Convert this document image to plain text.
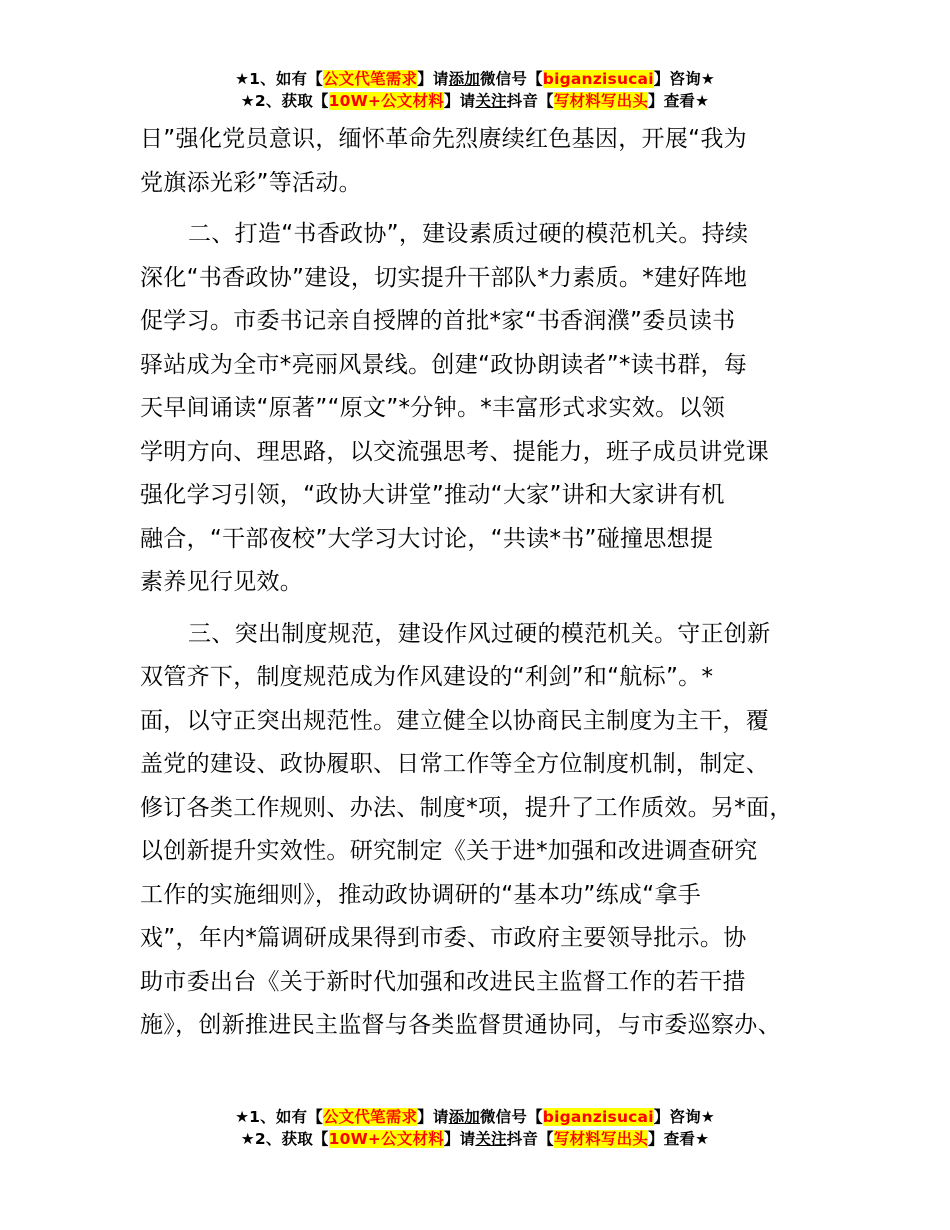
★1、如有【公文代笔需求】请添加微信号【biganzisucai】咨询★
★2、获取【10W+公文材料】请关注抖音【写材料写出头】查看★
日”强化党员意识，缅怀革命先烈赓续红色基因，开展“我为
党旗添光彩”等活动。
二、打造“书香政协”，建设素质过硬的模范机关。持续
深化“书香政协”建设，切实提升干部队*力素质。*建好阵地
促学习。市委书记亲自授牌的首批*家“书香润濮”委员读书
驿站成为全市*亮丽风景线。创建“政协朗读者”*读书群，每
天早间诵读“原著”“原文”*分钟。*丰富形式求实效。以领
学明方向、理思路，以交流强思考、提能力，班子成员讲党课
强化学习引领，“政协大讲堂”推动“大家”讲和大家讲有机
融合，“干部夜校”大学习大讨论，“共读*书”碰撞思想提
素养见行见效。
三、突出制度规范，建设作风过硬的模范机关。守正创新
双管齐下，制度规范成为作风建设的“利剑”和“航标”。*
面，以守正突出规范性。建立健全以协商民主制度为主干，覆
盖党的建设、政协履职、日常工作等全方位制度机制，制定、
修订各类工作规则、办法、制度*项，提升了工作质效。另*面，
以创新提升实效性。研究制定《关于进*加强和改进调查研究
工作的实施细则》，推动政协调研的“基本功”练成“拿手
戏”，年内*篇调研成果得到市委、市政府主要领导批示。协
助市委出台《关于新时代加强和改进民主监督工作的若干措
施》，创新推进民主监督与各类监督贯通协同，与市委巡察办、
★1、如有【公文代笔需求】请添加微信号【biganzisucai】咨询★
★2、获取【10W+公文材料】请关注抖音【写材料写出头】查看★
